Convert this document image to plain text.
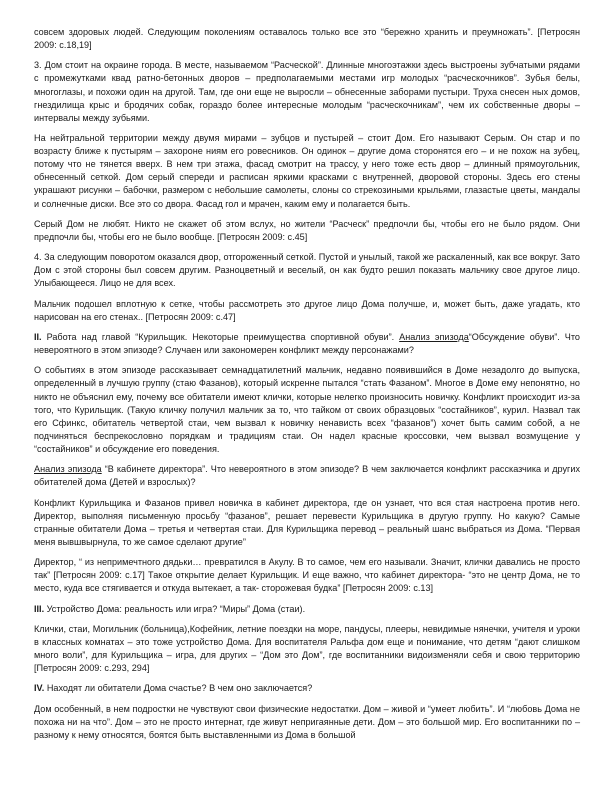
совсем здоровых людей. Следующим поколениям оставалось только все это “бережно хранить и преумножать”. [Петросян 2009: с.18,19]

3. Дом стоит на окраине города. В месте, называемом “Расческой”. Длинные многоэтажки здесь выстроены зубчатыми рядами с промежутками квад ратно-бетонных дворов – предполагаемыми местами игр молодых “расческочников”. Зубья белы, многоглазы, и похожи один на другой. Там, где они еще не выросли – обнесенные заборами пустыри. Труха снесен ных домов, гнездилища крыс и бродячих собак, гораздо более интересные молодым “расческочникам”, чем их собственные дворы – интервалы между зубьями.

На нейтральной территории между двумя мирами – зубцов и пустырей – стоит Дом. Его называют Серым. Он стар и по возрасту ближе к пустырям – захороне ниям его ровесников. Он одинок – другие дома сторонятся его – и не похож на зубец, потому что не тянется вверх. В нем три этажа, фасад смотрит на трассу, у него тоже есть двор – длинный прямоугольник, обнесенный сеткой. Дом серый спереди и расписан яркими красками с внутренней, дворовой стороны. Здесь его стены украшают рисунки – бабочки, размером с небольшие самолеты, слоны со стрекозиными крыльями, глазастые цветы, мандалы и солнечные диски. Все это со двора. Фасад гол и мрачен, каким ему и полагается быть.

Серый Дом не любят. Никто не скажет об этом вслух, но жители “Расческ” предпочли бы, чтобы его не было рядом. Они предпочли бы, чтобы его не было вообще. [Петросян 2009: с.45]

4. За следующим поворотом оказался двор, отгороженный сеткой. Пустой и унылый, такой же раскаленный, как все вокруг. Зато Дом с этой стороны был совсем другим. Разноцветный и веселый, он как будто решил показать мальчику свое другое лицо. Улыбающееся. Лицо не для всех.

Мальчик подошел вплотную к сетке, чтобы рассмотреть это другое лицо Дома получше, и, может быть, даже угадать, кто нарисован на его стенах.. [Петросян 2009: с.47]

II. Работа над главой “Курильщик. Некоторые преимущества спортивной обуви”. Анализ эпизода“Обсуждение обуви”. Что невероятного в этом эпизоде? Случаен или закономерен конфликт между персонажами?

О событиях в этом эпизоде рассказывает семнадцатилетний мальчик, недавно появившийся в Доме незадолго до выпуска, определенный в лучшую группу (стаю Фазанов), который искренне пытался “стать Фазаном”. Многое в Доме ему непонятно, но никто не объяснил ему, почему все обитатели имеют клички, которые нелегко произносить новичку. Конфликт происходит из-за того, что Курильщик. (Такую кличку получил мальчик за то, что тайком от своих образцовых “состайников”, курил. Назвал так его Сфинкс, обитатель четвертой стаи, чем вызвал к новичку ненависть всех “фазанов”) хочет быть самим собой, а не подчиняться беспрекословно порядкам и традициям стаи. Он надел красные кроссовки, чем вызвал возмущение у “состайников” и обсуждение его поведения.

Анализ эпизода “В кабинете директора”. Что невероятного в этом эпизоде? В чем заключается конфликт рассказчика и других обитателей дома (Детей и взрослых)?

Конфликт Курильщика и Фазанов привел новичка в кабинет директора, где он узнает, что вся стая настроена против него. Директор, выполняя письменную просьбу “фазанов”, решает перевести Курильщика в другую группу. Но какую? Самые странные обитатели Дома – третья и четвертая стаи. Для Курильщика перевод – реальный шанс выбраться из Дома. “Первая меня вывшвырнула, то же самое сделают другие”

Директор, “ из непримечтного дядьки… превратился в Акулу. В то самое, чем его называли. Значит, клички давались не просто так” [Петросян 2009: с.17] Такое открытие делает Курильщик. И еще важно, что кабинет директора- “это не центр Дома, не то место, куда все стягивается и откуда вытекает, а так- сторожевая будка” [Петросян 2009: с.13]

III. Устройство Дома: реальность или игра? “Миры” Дома (стаи).

Клички, стаи, Могильник (больница),Кофейник, летние поездки на море, пандусы, плееры, невидимые нянечки, учителя и уроки в классных комнатах – это тоже устройство Дома. Для воспитателя Ральфа дом еще и понимание, что детям “дают слишком много воли”, для Курильщика – игра, для других – “Дом это Дом”, где воспитанники видоизменяли себя и свою территорию [Петросян 2009: с.293, 294]

IV. Находят ли обитатели Дома счастье? В чем оно заключается?

Дом особенный, в нем подростки не чувствуют свои физические недостатки. Дом – живой и “умеет любить”. И “любовь Дома не похожа ни на что”. Дом – это не просто интернат, где живут непригаянные дети. Дом – это большой мир. Его воспитанники по – разному к нему относятся, боятся быть выставленными из Дома в большой
